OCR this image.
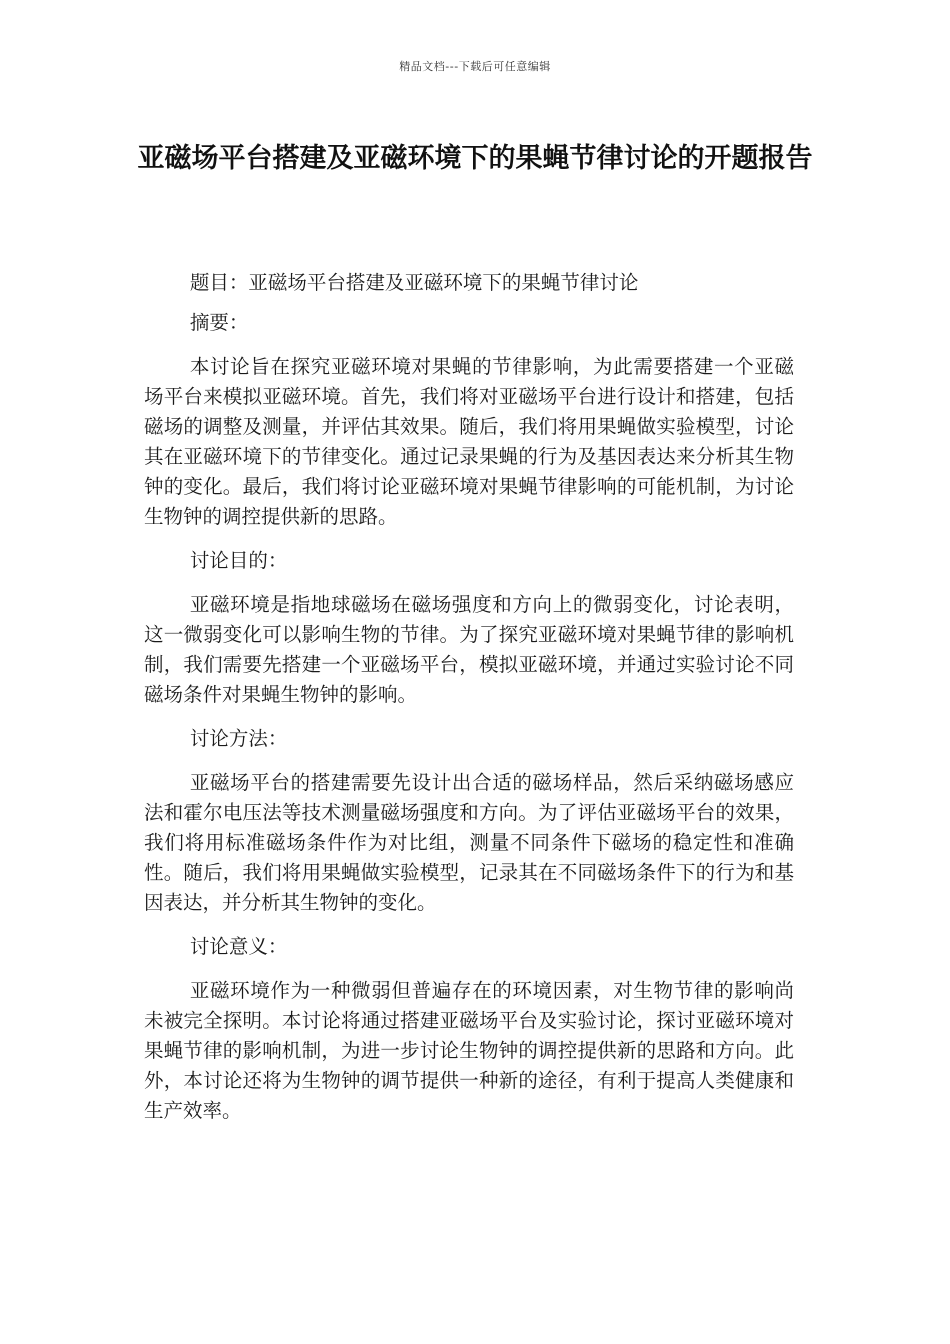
精品文档---下载后可任意编辑
亚磁场平台搭建及亚磁环境下的果蝇节律讨论的开题报告

题目：亚磁场平台搭建及亚磁环境下的果蝇节律讨论

摘要：

本讨论旨在探究亚磁环境对果蝇的节律影响，为此需要搭建一个亚磁场平台来模拟亚磁环境。首先，我们将对亚磁场平台进行设计和搭建，包括磁场的调整及测量，并评估其效果。随后，我们将用果蝇做实验模型，讨论其在亚磁环境下的节律变化。通过记录果蝇的行为及基因表达来分析其生物钟的变化。最后，我们将讨论亚磁环境对果蝇节律影响的可能机制，为讨论生物钟的调控提供新的思路。

讨论目的：

亚磁环境是指地球磁场在磁场强度和方向上的微弱变化，讨论表明，这一微弱变化可以影响生物的节律。为了探究亚磁环境对果蝇节律的影响机制，我们需要先搭建一个亚磁场平台，模拟亚磁环境，并通过实验讨论不同磁场条件对果蝇生物钟的影响。

讨论方法：

亚磁场平台的搭建需要先设计出合适的磁场样品，然后采纳磁场感应法和霍尔电压法等技术测量磁场强度和方向。为了评估亚磁场平台的效果，我们将用标准磁场条件作为对比组，测量不同条件下磁场的稳定性和准确性。随后，我们将用果蝇做实验模型，记录其在不同磁场条件下的行为和基因表达，并分析其生物钟的变化。

讨论意义：

亚磁环境作为一种微弱但普遍存在的环境因素，对生物节律的影响尚未被完全探明。本讨论将通过搭建亚磁场平台及实验讨论，探讨亚磁环境对果蝇节律的影响机制，为进一步讨论生物钟的调控提供新的思路和方向。此外，本讨论还将为生物钟的调节提供一种新的途径，有利于提高人类健康和生产效率。
